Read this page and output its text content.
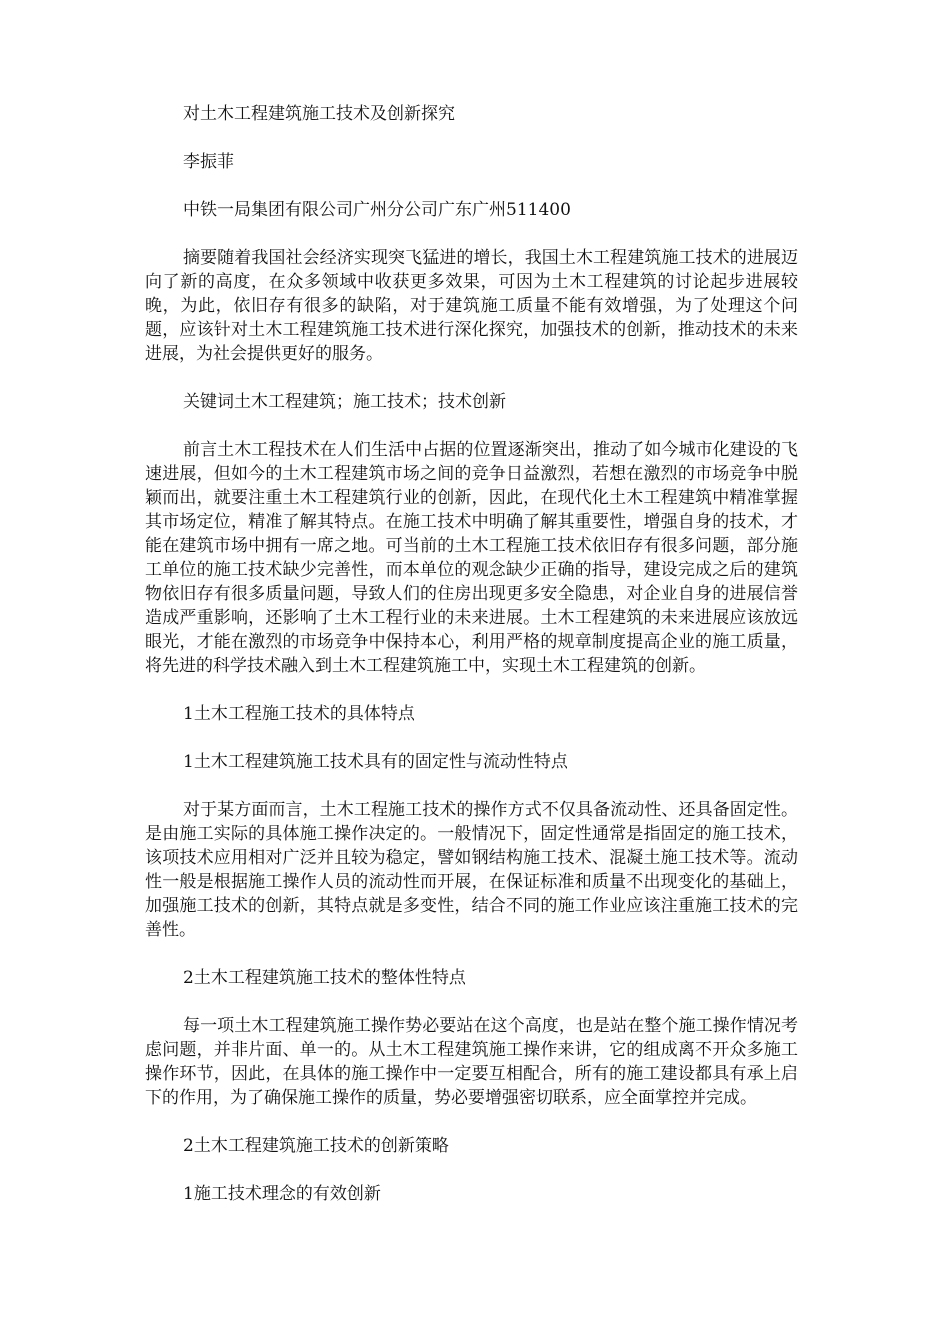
对土木工程建筑施工技术及创新探究

李振菲

中铁一局集团有限公司广州分公司广东广州511400

摘要随着我国社会经济实现突飞猛进的增长，我国土木工程建筑施工技术的进展迈向了新的高度，在众多领域中收获更多效果，可因为土木工程建筑的讨论起步进展较晚，为此，依旧存有很多的缺陷，对于建筑施工质量不能有效增强，为了处理这个问题，应该针对土木工程建筑施工技术进行深化探究，加强技术的创新，推动技术的未来进展，为社会提供更好的服务。

关键词土木工程建筑；施工技术；技术创新

前言土木工程技术在人们生活中占据的位置逐渐突出，推动了如今城市化建设的飞速进展，但如今的土木工程建筑市场之间的竞争日益激烈，若想在激烈的市场竞争中脱颖而出，就要注重土木工程建筑行业的创新，因此，在现代化土木工程建筑中精准掌握其市场定位，精准了解其特点。在施工技术中明确了解其重要性，增强自身的技术，才能在建筑市场中拥有一席之地。可当前的土木工程施工技术依旧存有很多问题，部分施工单位的施工技术缺少完善性，而本单位的观念缺少正确的指导，建设完成之后的建筑物依旧存有很多质量问题，导致人们的住房出现更多安全隐患，对企业自身的进展信誉造成严重影响，还影响了土木工程行业的未来进展。土木工程建筑的未来进展应该放远眼光，才能在激烈的市场竞争中保持本心，利用严格的规章制度提高企业的施工质量，将先进的科学技术融入到土木工程建筑施工中，实现土木工程建筑的创新。

1土木工程施工技术的具体特点

1土木工程建筑施工技术具有的固定性与流动性特点

对于某方面而言，土木工程施工技术的操作方式不仅具备流动性、还具备固定性。是由施工实际的具体施工操作决定的。一般情况下，固定性通常是指固定的施工技术，该项技术应用相对广泛并且较为稳定，譬如钢结构施工技术、混凝土施工技术等。流动性一般是根据施工操作人员的流动性而开展，在保证标准和质量不出现变化的基础上，加强施工技术的创新，其特点就是多变性，结合不同的施工作业应该注重施工技术的完善性。

2土木工程建筑施工技术的整体性特点

每一项土木工程建筑施工操作势必要站在这个高度，也是站在整个施工操作情况考虑问题，并非片面、单一的。从土木工程建筑施工操作来讲，它的组成离不开众多施工操作环节，因此，在具体的施工操作中一定要互相配合，所有的施工建设都具有承上启下的作用，为了确保施工操作的质量，势必要增强密切联系，应全面掌控并完成。

2土木工程建筑施工技术的创新策略

1施工技术理念的有效创新
